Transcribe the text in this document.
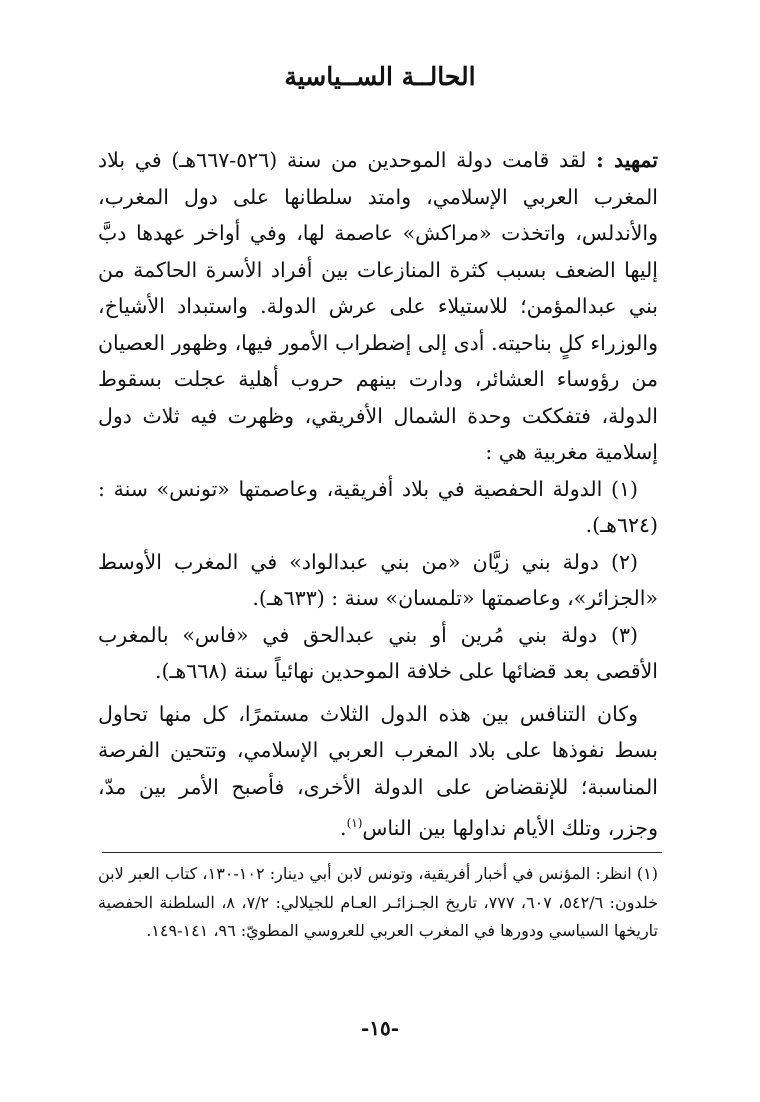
الحالــة الســياسية

تمهيد : لقد قامت دولة الموحدين من سنة (٥٢٦-٦٦٧هـ) في بلاد المغرب العربي الإسلامي، وامتد سلطانها على دول المغرب، والأندلس، واتخذت «مراكش» عاصمة لها، وفي أواخر عهدها دبَّ إليها الضعف بسبب كثرة المنازعات بين أفراد الأسرة الحاكمة من بني عبدالمؤمن؛ للاستيلاء على عرش الدولة. واستبداد الأشياخ، والوزراء كلٍ بناحيته. أدى إلى إضطراب الأمور فيها، وظهور العصيان من رؤوساء العشائر، ودارت بينهم حروب أهلية عجلت بسقوط الدولة، فتفككت وحدة الشمال الأفريقي، وظهرت فيه ثلاث دول إسلامية مغربية هي :

(١) الدولة الحفصية في بلاد أفريقية، وعاصمتها «تونس» سنة : (٦٢٤هـ).

(٢) دولة بني زيَّان «من بني عبدالواد» في المغرب الأوسط «الجزائر»، وعاصمتها «تلمسان» سنة : (٦٣٣هـ).

(٣) دولة بني مُرين أو بني عبدالحق في «فاس» بالمغرب الأقصى بعد قضائها على خلافة الموحدين نهائياً سنة (٦٦٨هـ).

وكان التنافس بين هذه الدول الثلاث مستمرًا، كل منها تحاول بسط نفوذها على بلاد المغرب العربي الإسلامي، وتتحين الفرصة المناسبة؛ للإنقضاض على الدولة الأخرى، فأصبح الأمر بين مدّ، وجزر، وتلك الأيام نداولها بين الناس$^{(١)}$.

(١) انظر: المؤنس في أخبار أفريقية، وتونس لابن أبي دينار: ١٠٢-١٣٠، كتاب العبر لابن خلدون: ٥٤٢/٦، ٦٠٧، ٧٧٧، تاريخ الجـزائـر العـام للجيلالي: ٧/٢، ٨، السلطنة الحفصية تاريخها السياسي ودورها في المغرب العربي للعروسي المطويّ: ٩٦، ١٤١-١٤٩.

-١٥-
